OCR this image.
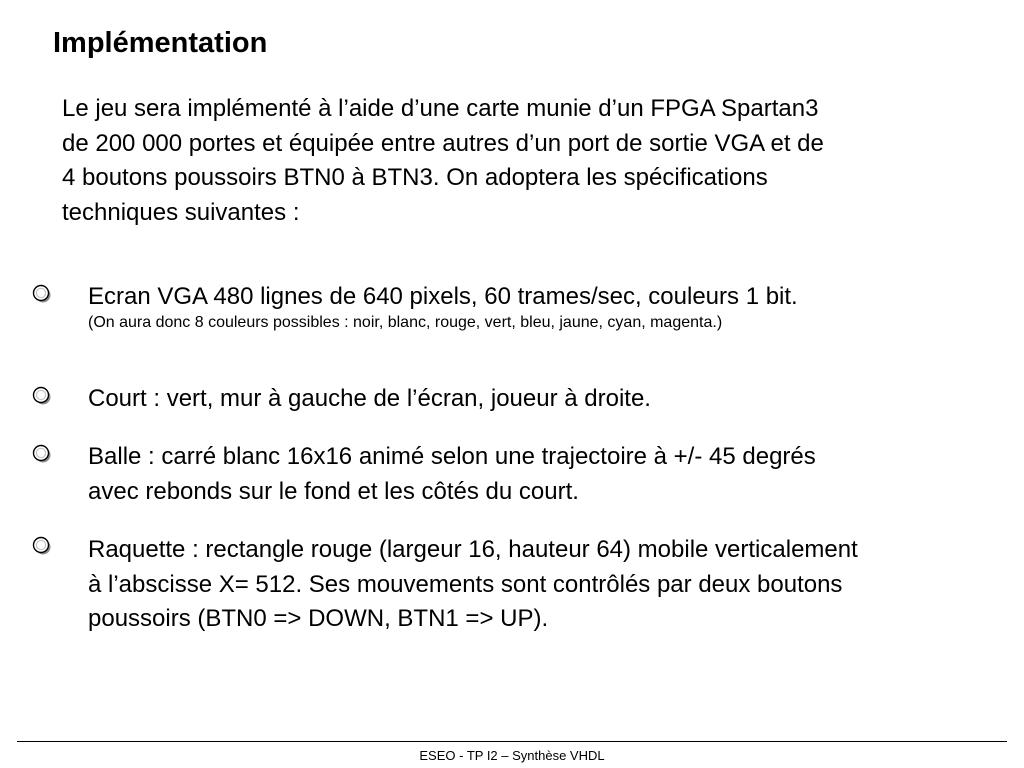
Implémentation

Le jeu sera implémenté à l’aide d’une carte munie d’un FPGA Spartan3
de 200 000 portes et équipée entre autres d’un port de sortie VGA et de
4 boutons poussoirs BTN0 à BTN3. On adoptera les spécifications
techniques suivantes :

Ecran VGA 480 lignes de 640 pixels, 60 trames/sec, couleurs 1 bit.
(On aura donc 8 couleurs possibles : noir, blanc, rouge, vert, bleu, jaune, cyan, magenta.)
Court : vert, mur à gauche de l’écran, joueur à droite.
Balle : carré blanc 16x16 animé selon une trajectoire à +/- 45 degrés
avec rebonds sur le fond et les côtés du court.
Raquette : rectangle rouge (largeur 16, hauteur 64) mobile verticalement
à l’abscisse X= 512. Ses mouvements sont contrôlés par deux boutons
poussoirs (BTN0 => DOWN, BTN1 => UP).
ESEO - TP I2 – Synthèse VHDL
